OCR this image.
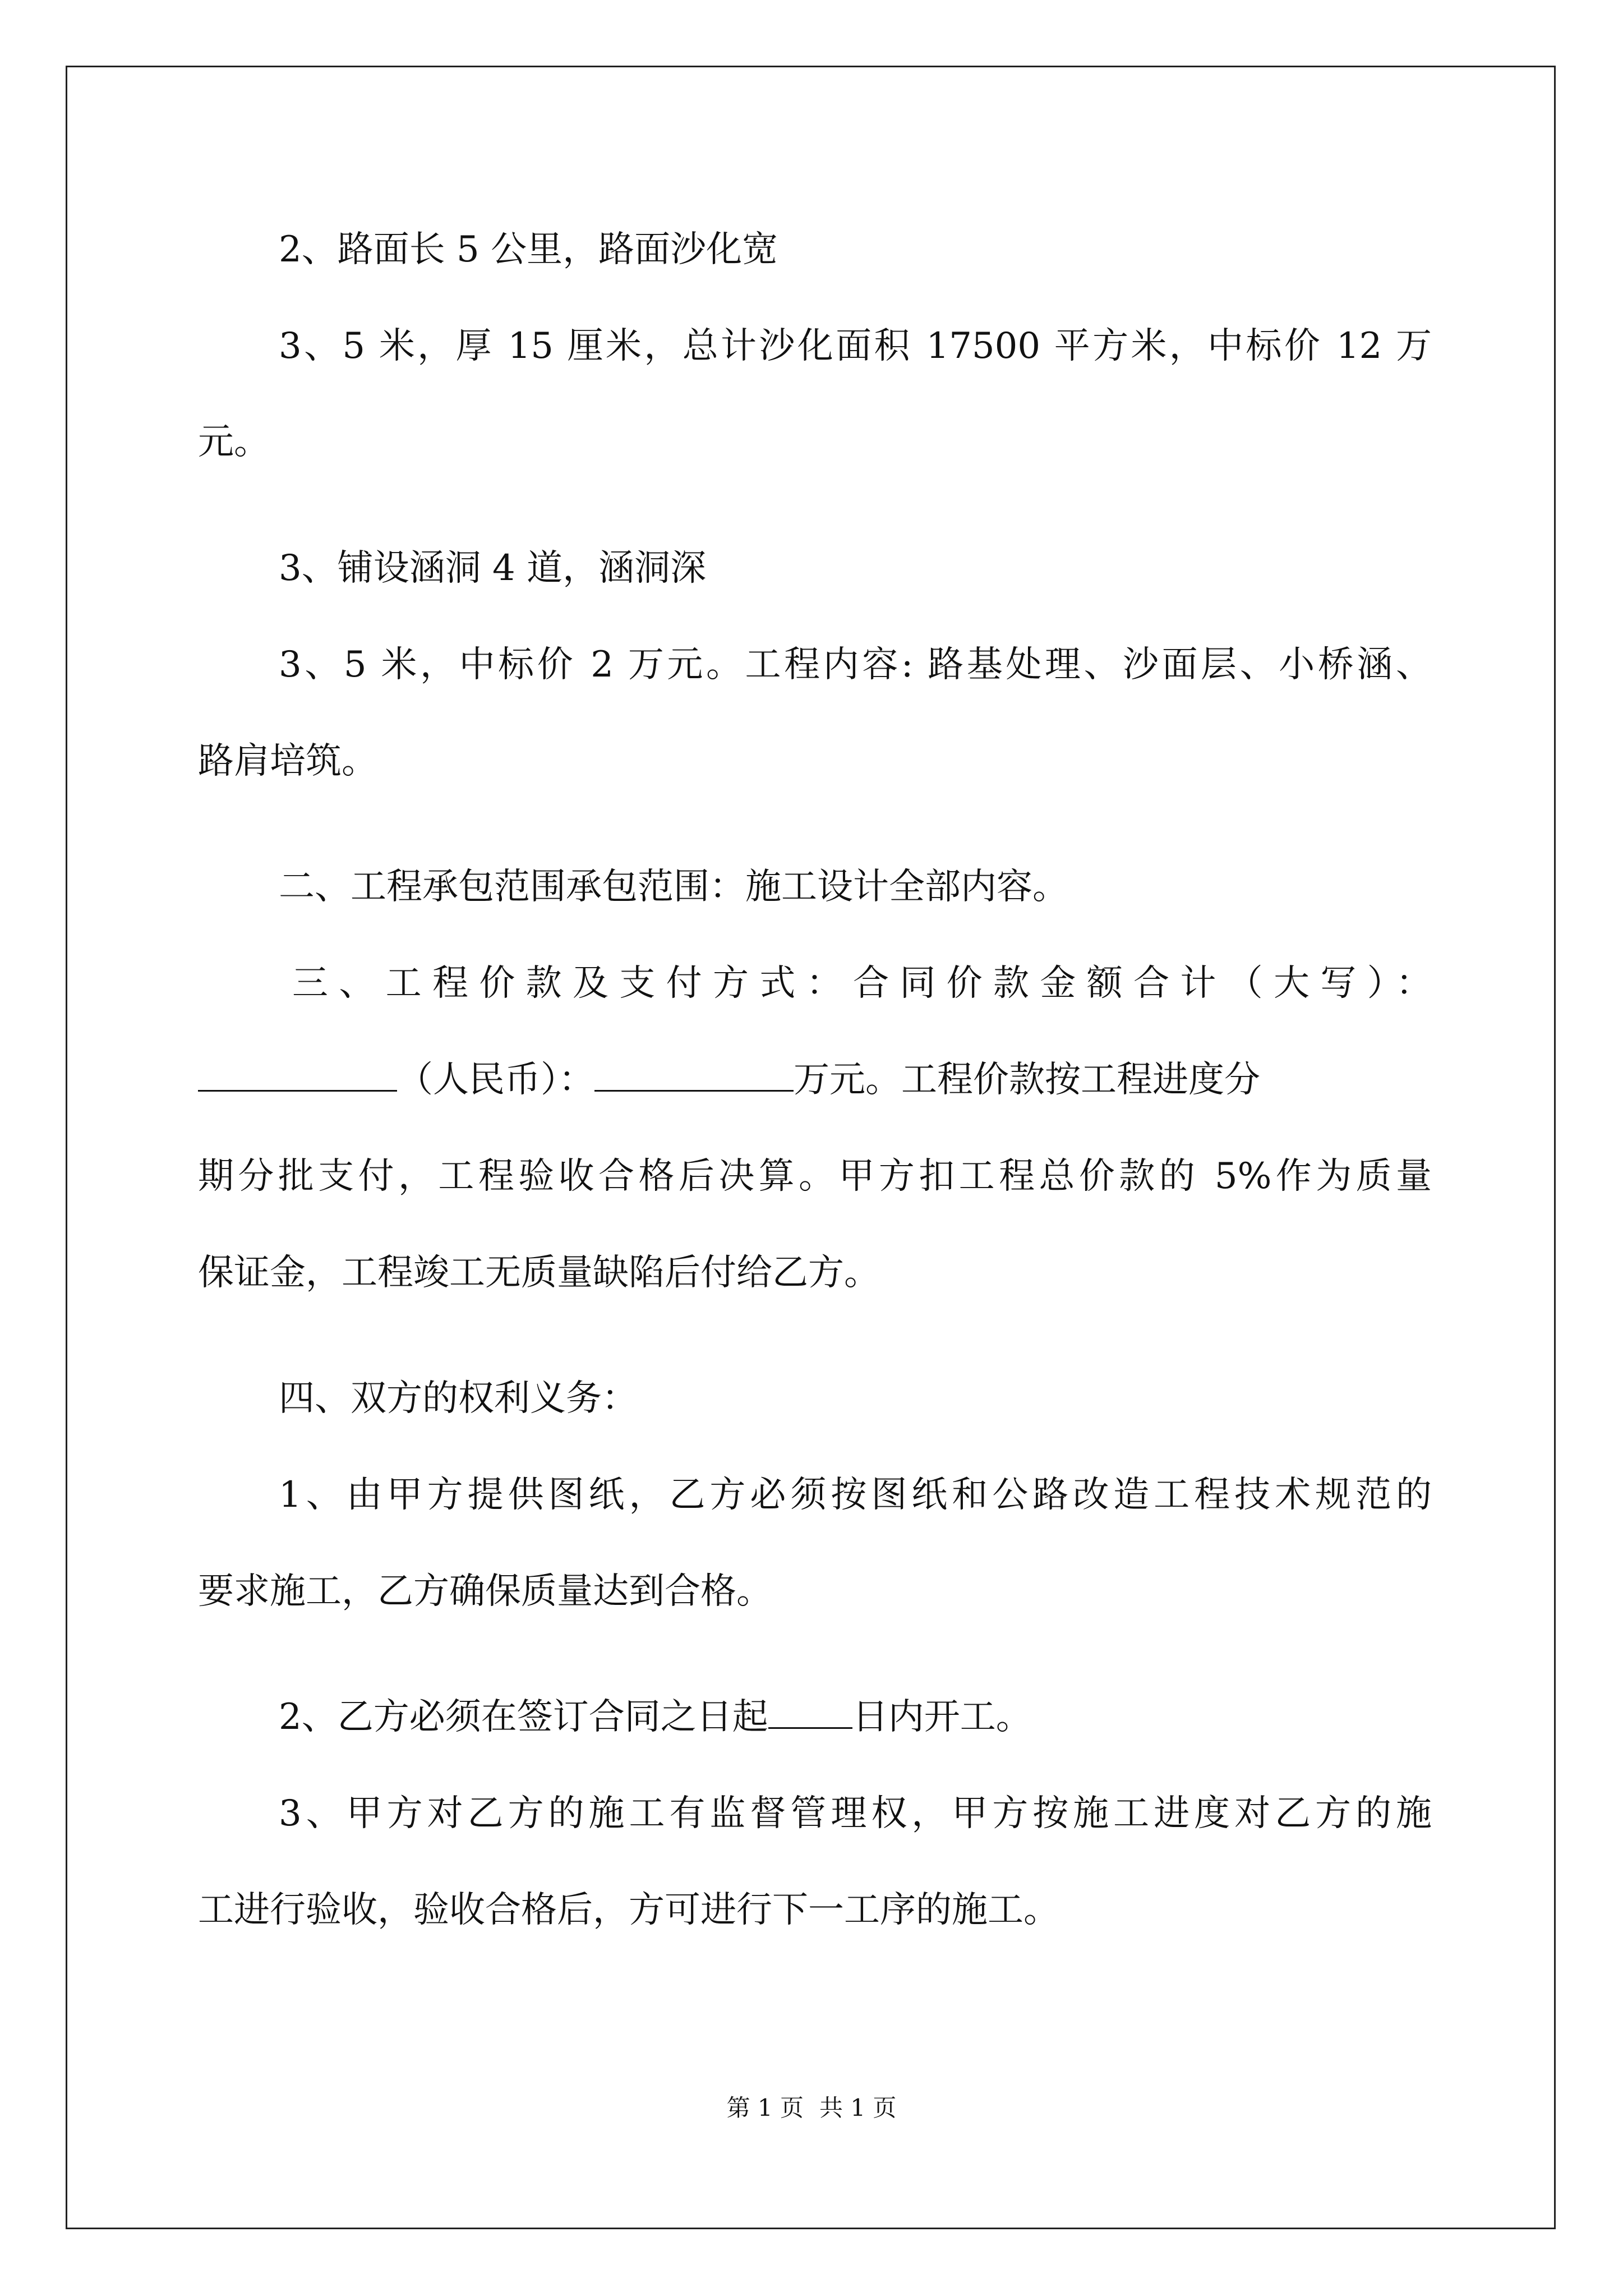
2、路面长 5 公里，路面沙化宽
3、5 米，厚 15 厘米，总计沙化面积 17500 平方米，中标价 12 万
元。
3、铺设涵洞 4 道，涵洞深
3、5 米，中标价 2 万元。工程内容: 路基处理、沙面层、小桥涵、
路肩培筑。
二、工程承包范围承包范围：施工设计全部内容。
三、工程价款及支付方式：合同价款金额合计（大写）：
（人民币）：	万元。工程价款按工程进度分
期分批支付，工程验收合格后决算。甲方扣工程总价款的 5%作为质量
保证金，工程竣工无质量缺陷后付给乙方。
四、双方的权利义务：
1、由甲方提供图纸，乙方必须按图纸和公路改造工程技术规范的
要求施工，乙方确保质量达到合格。
2、乙方必须在签订合同之日起 日内开工。
3、甲方对乙方的施工有监督管理权，甲方按施工进度对乙方的施
工进行验收，验收合格后，方可进行下一工序的施工。
第 1 页 共 1 页
